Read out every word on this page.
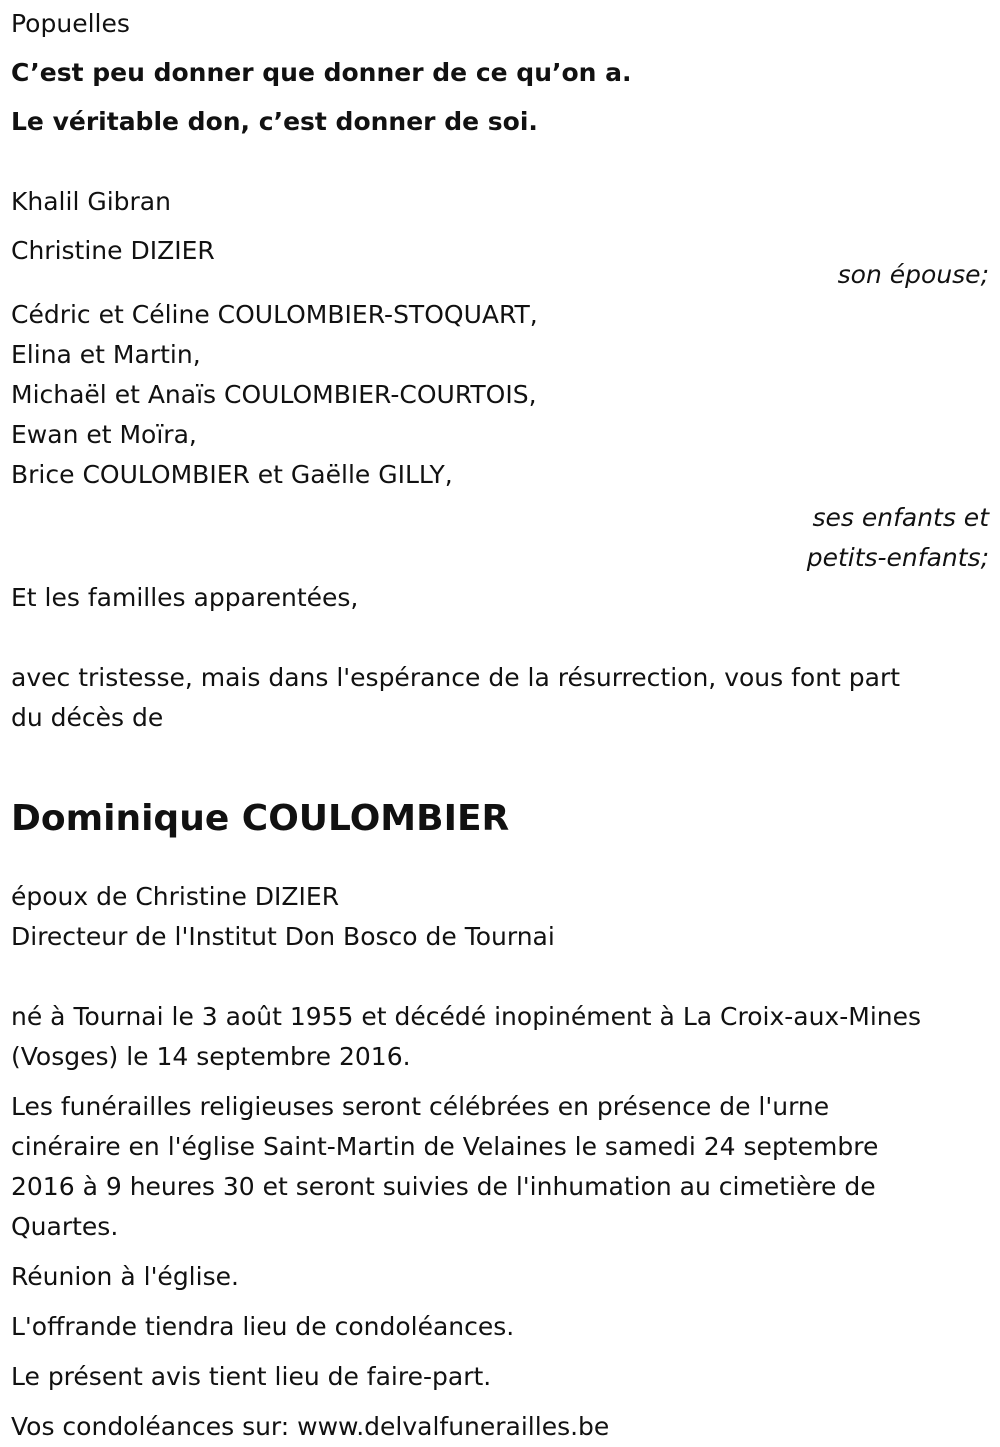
Popuelles
C’est peu donner que donner de ce qu’on a.
Le véritable don, c’est donner de soi.
Khalil Gibran
Christine DIZIER
son épouse;
Cédric et Céline COULOMBIER-STOQUART,
Elina et Martin,
Michaël et Anaïs COULOMBIER-COURTOIS,
Ewan et Moïra,
Brice COULOMBIER et Gaëlle GILLY,
ses enfants et
petits-enfants;
Et les familles apparentées,
avec tristesse, mais dans l'espérance de la résurrection, vous font part
du décès de
Dominique COULOMBIER
époux de Christine DIZIER
Directeur de l'Institut Don Bosco de Tournai
né à Tournai le 3 août 1955 et décédé inopinément à La Croix-aux-Mines
(Vosges) le 14 septembre 2016.
Les funérailles religieuses seront célébrées en présence de l'urne
cinéraire en l'église Saint-Martin de Velaines le samedi 24 septembre
2016 à 9 heures 30 et seront suivies de l'inhumation au cimetière de
Quartes.
Réunion à l'église.
L'offrande tiendra lieu de condoléances.
Le présent avis tient lieu de faire-part.
Vos condoléances sur: www.delvalfunerailles.be
